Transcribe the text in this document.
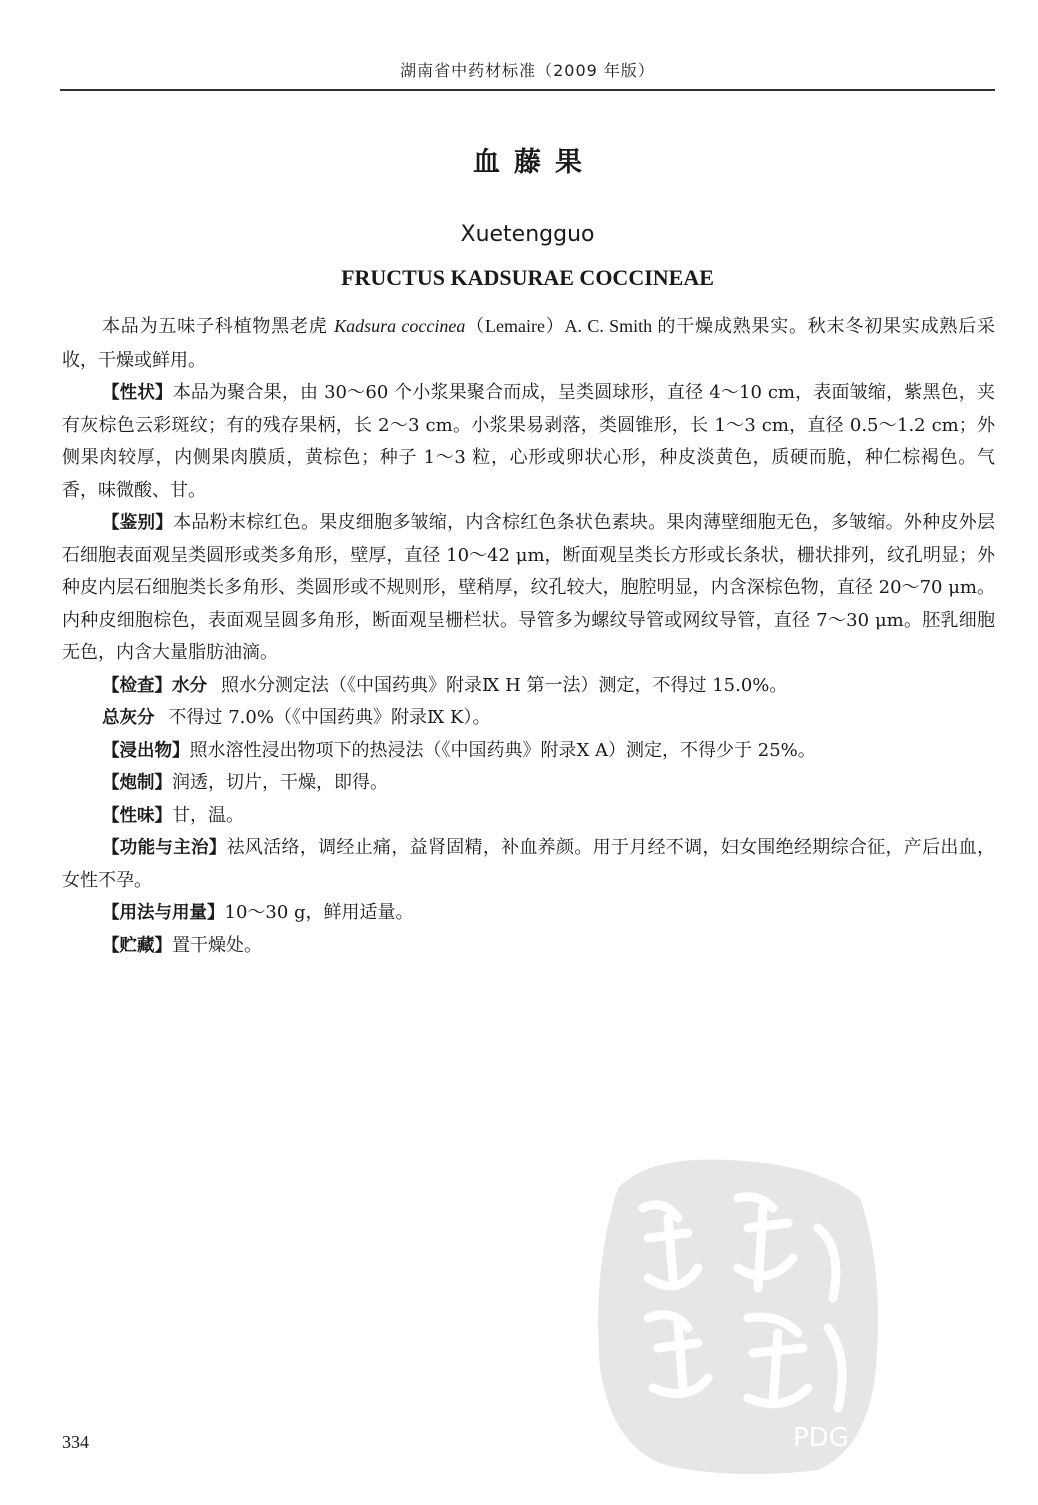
湖南省中药材标准（2009 年版）
血藤果
Xuetengguo
FRUCTUS KADSURAE COCCINEAE

本品为五味子科植物黑老虎 Kadsura coccinea（Lemaire）A. C. Smith 的干燥成熟果实。秋末冬初果实成熟后采收，干燥或鲜用。

【性状】本品为聚合果，由 30～60 个小浆果聚合而成，呈类圆球形，直径 4～10 cm，表面皱缩，紫黑色，夹有灰棕色云彩斑纹；有的残存果柄，长 2～3 cm。小浆果易剥落，类圆锥形，长 1～3 cm，直径 0.5～1.2 cm；外侧果肉较厚，内侧果肉膜质，黄棕色；种子 1～3 粒，心形或卵状心形，种皮淡黄色，质硬而脆，种仁棕褐色。气香，味微酸、甘。

【鉴别】本品粉末棕红色。果皮细胞多皱缩，内含棕红色条状色素块。果肉薄壁细胞无色，多皱缩。外种皮外层石细胞表面观呈类圆形或类多角形，壁厚，直径 10～42 μm，断面观呈类长方形或长条状，栅状排列，纹孔明显；外种皮内层石细胞类长多角形、类圆形或不规则形，壁稍厚，纹孔较大，胞腔明显，内含深棕色物，直径 20～70 μm。内种皮细胞棕色，表面观呈圆多角形，断面观呈栅栏状。导管多为螺纹导管或网纹导管，直径 7～30 μm。胚乳细胞无色，内含大量脂肪油滴。

【检查】水分 照水分测定法（《中国药典》附录Ⅸ H 第一法）测定，不得过 15.0%。

总灰分 不得过 7.0%（《中国药典》附录Ⅸ K）。

【浸出物】照水溶性浸出物项下的热浸法（《中国药典》附录Ⅹ A）测定，不得少于 25%。

【炮制】润透，切片，干燥，即得。

【性味】甘，温。

【功能与主治】祛风活络，调经止痛，益肾固精，补血养颜。用于月经不调，妇女围绝经期综合征，产后出血，女性不孕。

【用法与用量】10～30 g，鲜用适量。

【贮藏】置干燥处。

PDG
334
